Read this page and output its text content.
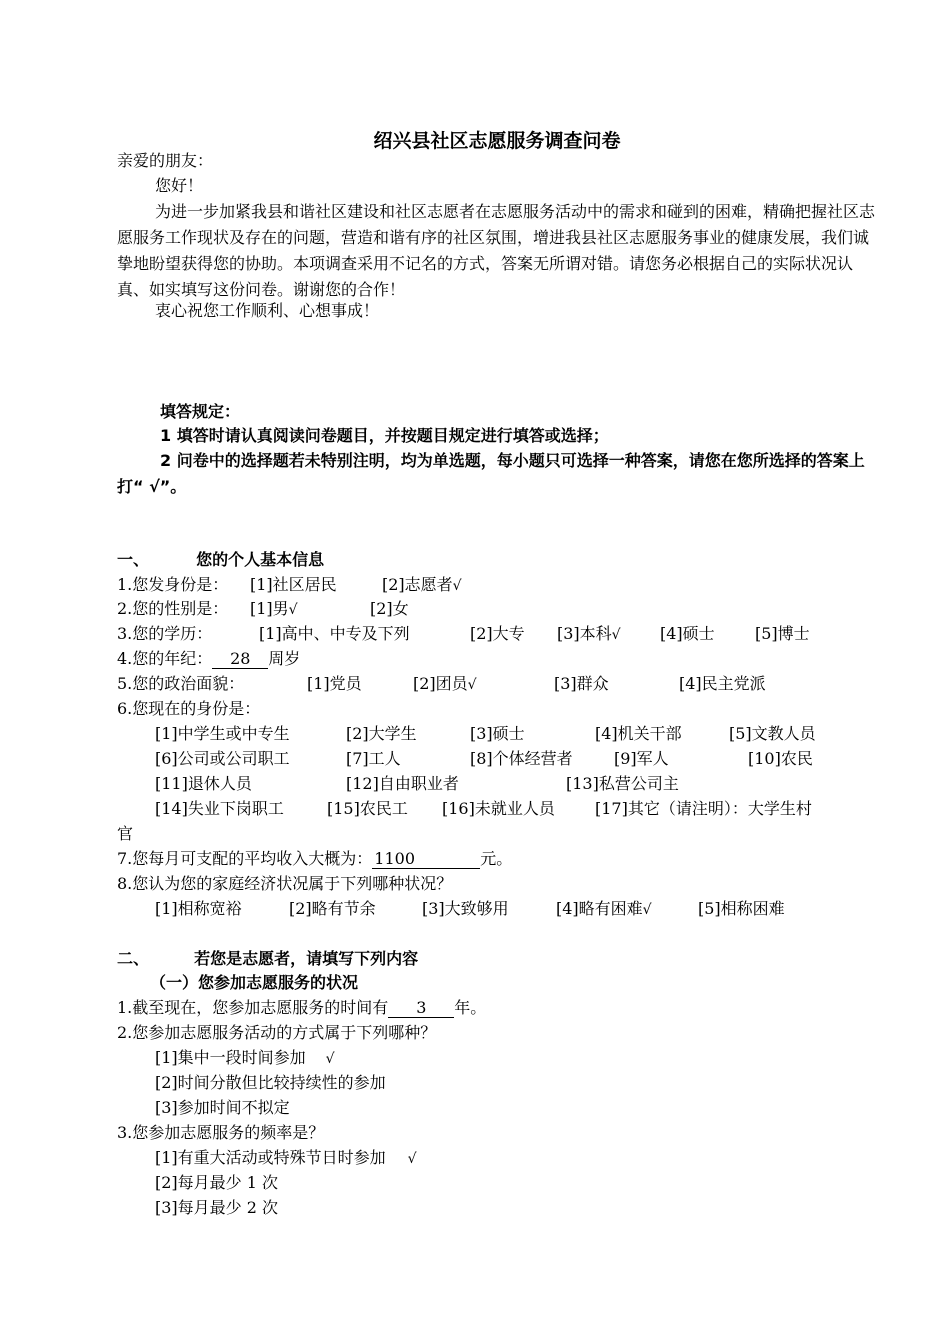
绍兴县社区志愿服务调查问卷
亲爱的朋友：
您好！
为进一步加紧我县和谐社区建设和社区志愿者在志愿服务活动中的需求和碰到的困难，精确把握社区志愿服务工作现状及存在的问题，营造和谐有序的社区氛围，增进我县社区志愿服务事业的健康发展，我们诚挚地盼望获得您的协助。本项调查采用不记名的方式，答案无所谓对错。请您务必根据自己的实际状况认真、如实填写这份问卷。谢谢您的合作！
衷心祝您工作顺利、心想事成！
填答规定：
1 填答时请认真阅读问卷题目，并按题目规定进行填答或选择；
2 问卷中的选择题若未特别注明，均为单选题，每小题只可选择一种答案，请您在您所选择的答案上打“ √”。
一、	您的个人基本信息
1.您发身份是： [1]社区居民	[2]志愿者√
2.您的性别是： [1]男√	[2]女
3.您的学历：	[1]高中、中专及下列	[2]大专 [3]本科√ [4]硕士	[5]博士
4.您的年纪： 28 周岁
5.您的政治面貌：	[1]党员	[2]团员√	[3]群众	[4]民主党派
6.您现在的身份是：
[1]中学生或中专生	[2]大学生	[3]硕士	[4]机关干部	[5]文教人员
[6]公司或公司职工	[7]工人	[8]个体经营者	[9]军人	[10]农民
[11]退休人员	[12]自由职业者	[13]私营公司主
[14]失业下岗职工	[15]农民工 [16]未就业人员	[17]其它（请注明）：大学生村
官
7.您每月可支配的平均收入大概为： 1100	元。
8.您认为您的家庭经济状况属于下列哪种状况？
[1]相称宽裕	[2]略有节余	[3]大致够用	[4]略有困难√	[5]相称困难
二、	若您是志愿者，请填写下列内容
（一）您参加志愿服务的状况
1.截至现在，您参加志愿服务的时间有 3 年。
2.您参加志愿服务活动的方式属于下列哪种？
[1]集中一段时间参加 √
[2]时间分散但比较持续性的参加
[3]参加时间不拟定
3.您参加志愿服务的频率是？
[1]有重大活动或特殊节日时参加 √
[2]每月最少 1 次
[3]每月最少 2 次
